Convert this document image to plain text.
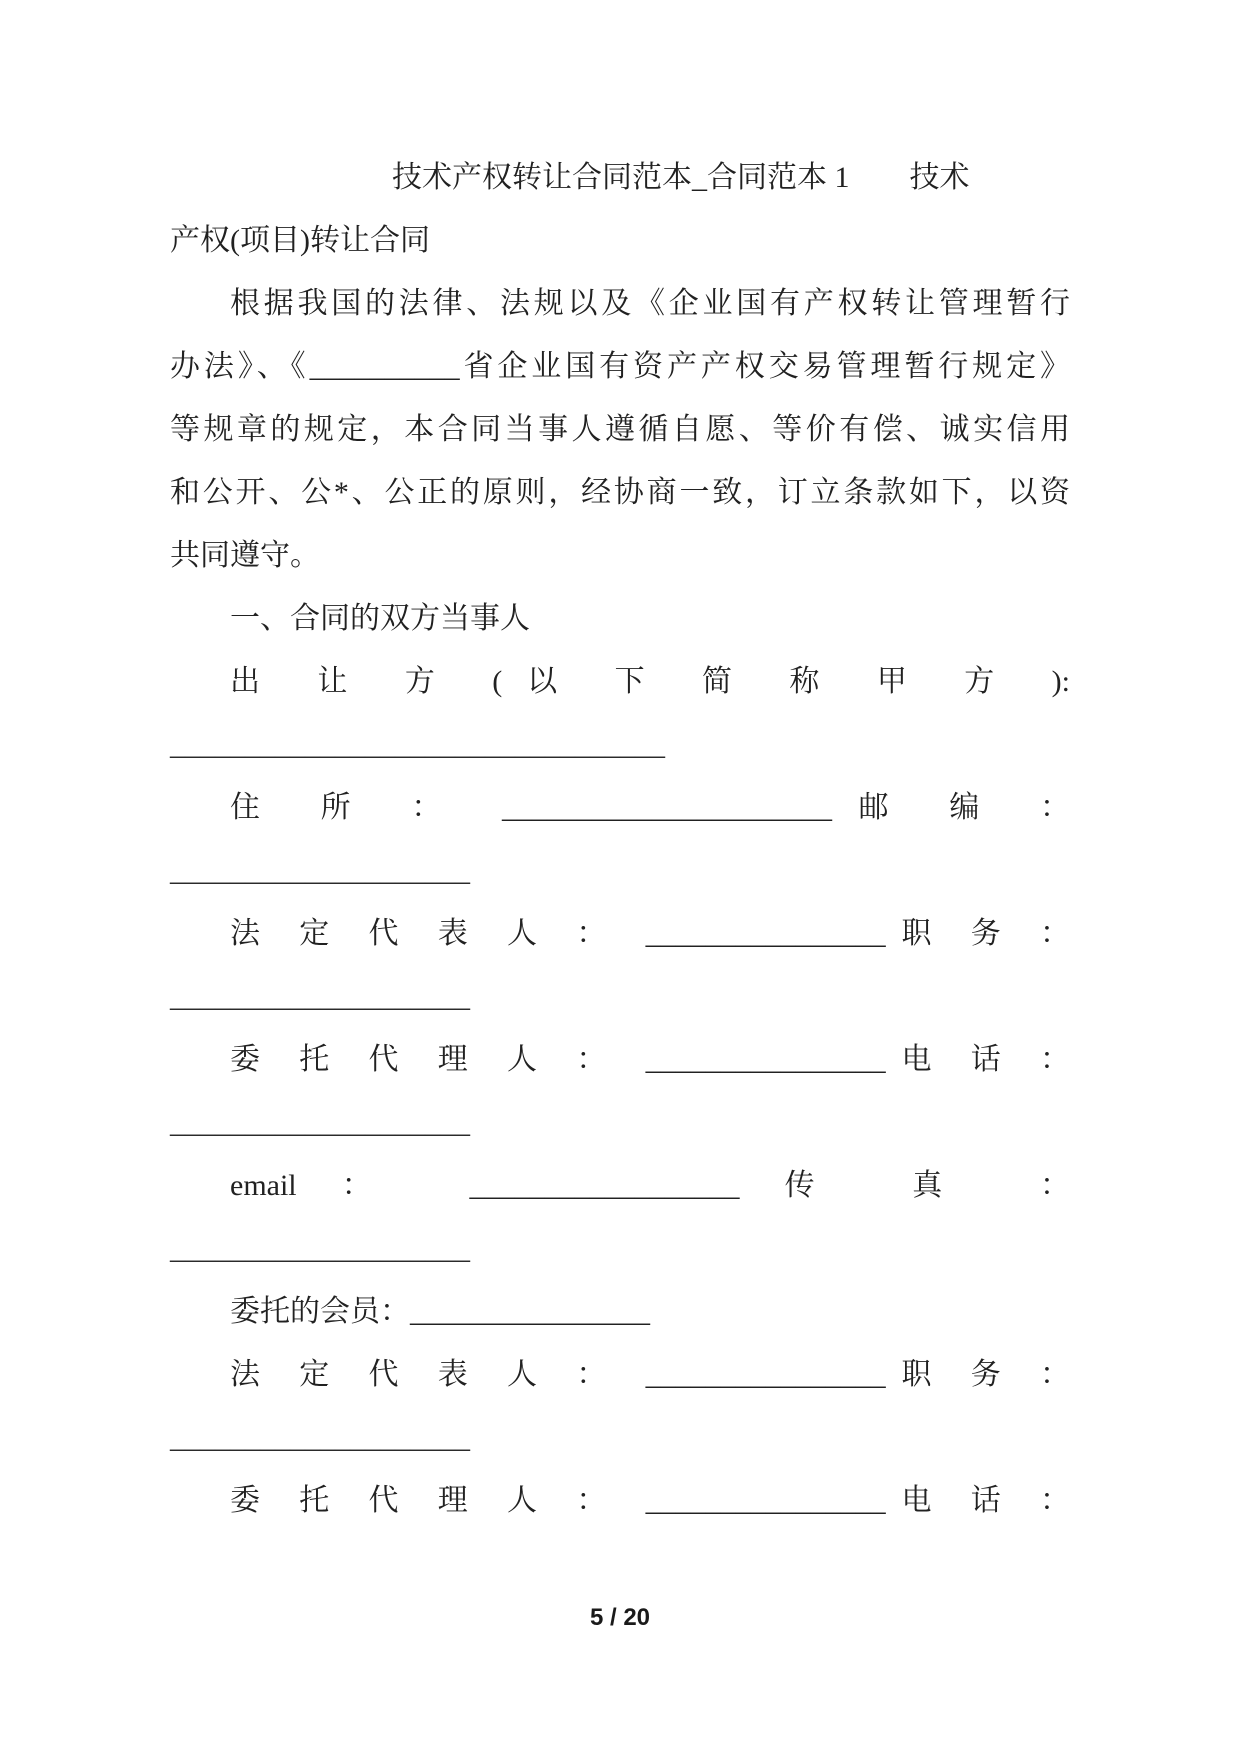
技术产权转让合同范本_合同范本 1　　技术
产权(项目)转让合同
根据我国的法律、法规以及《企业国有产权转让管理暂行
办法》、《__________省企业国有资产产权交易管理暂行规定》
等规章的规定，本合同当事人遵循自愿、等价有偿、诚实信用
和公开、公*、公正的原则，经协商一致，订立条款如下，以资
共同遵守。
一、合同的双方当事人
出 让 方 (以 下 简 称 甲 方 ):
_________________________________
住 所 ： ______________________邮 编 ：
____________________
法 定 代 表 人 ： ________________职 务 ：
____________________
委 托 代 理 人 ： ________________电 话 ：
____________________
email： __________________传 真 ：
____________________
委托的会员：________________
法 定 代 表 人 ： ________________职 务 ：
____________________
委 托 代 理 人 ： ________________电 话 ：
5 / 20
